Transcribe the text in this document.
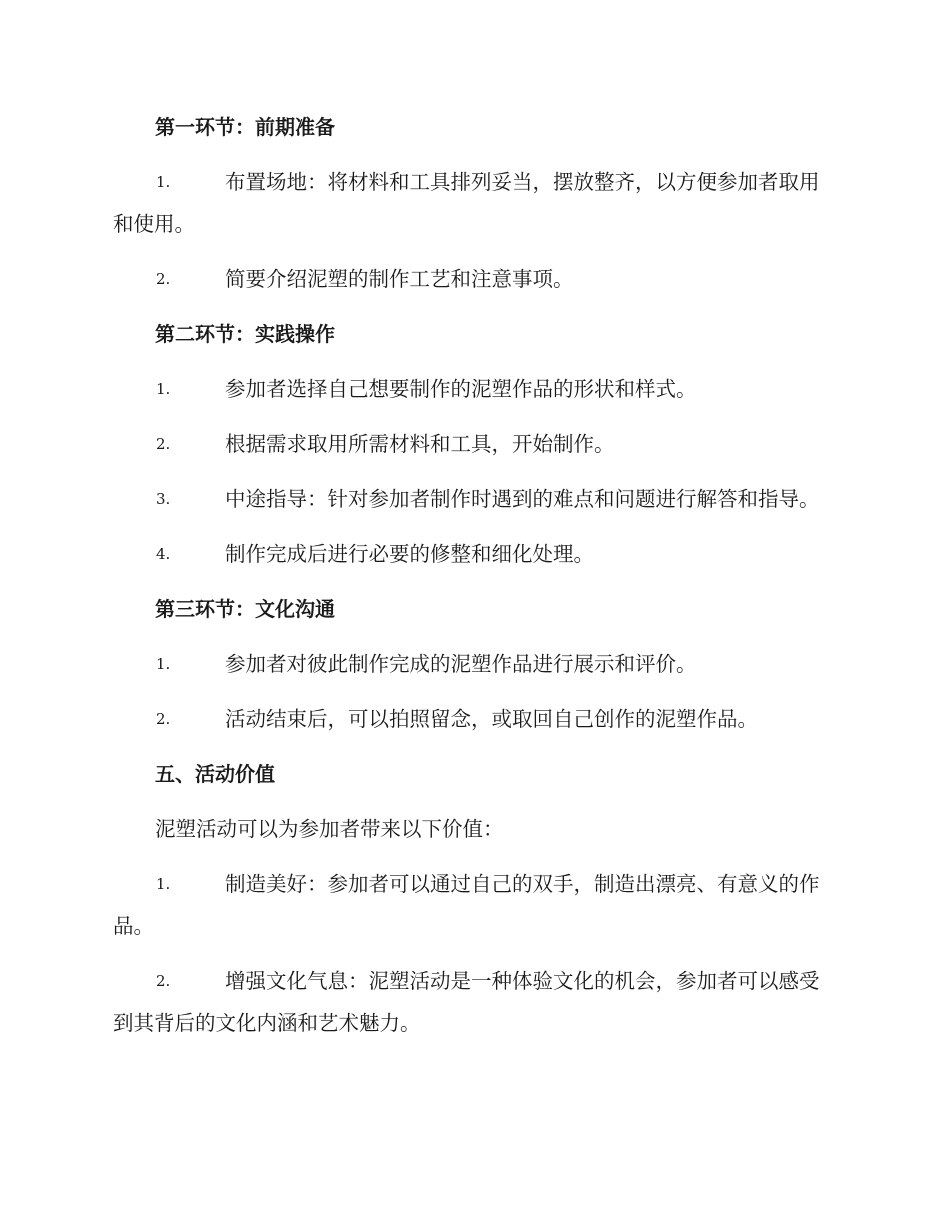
第一环节：前期准备
1.	布置场地：将材料和工具排列妥当，摆放整齐，以方便参加者取用和使用。
2.	简要介绍泥塑的制作工艺和注意事项。
第二环节：实践操作
1.	参加者选择自己想要制作的泥塑作品的形状和样式。
2.	根据需求取用所需材料和工具，开始制作。
3.	中途指导：针对参加者制作时遇到的难点和问题进行解答和指导。
4.	制作完成后进行必要的修整和细化处理。
第三环节：文化沟通
1.	参加者对彼此制作完成的泥塑作品进行展示和评价。
2.	活动结束后，可以拍照留念，或取回自己创作的泥塑作品。
五、活动价值
泥塑活动可以为参加者带来以下价值：
1.	制造美好：参加者可以通过自己的双手，制造出漂亮、有意义的作品。
2.	增强文化气息：泥塑活动是一种体验文化的机会，参加者可以感受到其背后的文化内涵和艺术魅力。
